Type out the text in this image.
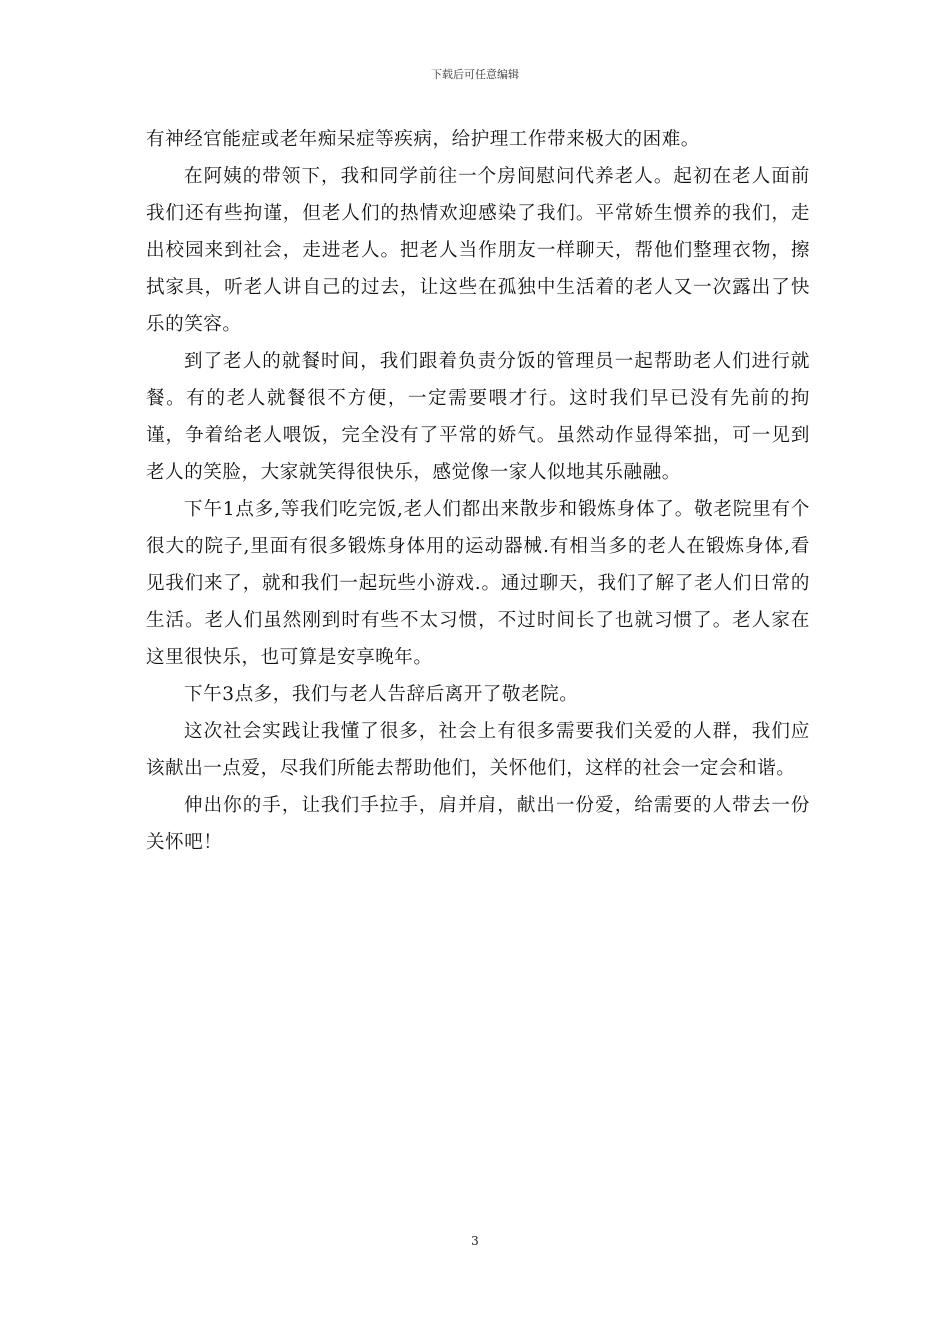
下载后可任意编辑

有神经官能症或老年痴呆症等疾病，给护理工作带来极大的困难。

在阿姨的带领下，我和同学前往一个房间慰问代养老人。起初在老人面前我们还有些拘谨，但老人们的热情欢迎感染了我们。平常娇生惯养的我们，走出校园来到社会，走进老人。把老人当作朋友一样聊天，帮他们整理衣物，擦拭家具，听老人讲自己的过去，让这些在孤独中生活着的老人又一次露出了快乐的笑容。

到了老人的就餐时间，我们跟着负责分饭的管理员一起帮助老人们进行就餐。有的老人就餐很不方便，一定需要喂才行。这时我们早已没有先前的拘谨，争着给老人喂饭，完全没有了平常的娇气。虽然动作显得笨拙，可一见到老人的笑脸，大家就笑得很快乐，感觉像一家人似地其乐融融。

下午1点多,等我们吃完饭,老人们都出来散步和锻炼身体了。敬老院里有个很大的院子,里面有很多锻炼身体用的运动器械.有相当多的老人在锻炼身体,看见我们来了，就和我们一起玩些小游戏.。通过聊天，我们了解了老人们日常的生活。老人们虽然刚到时有些不太习惯，不过时间长了也就习惯了。老人家在这里很快乐，也可算是安享晚年。

下午3点多，我们与老人告辞后离开了敬老院。

这次社会实践让我懂了很多，社会上有很多需要我们关爱的人群，我们应该献出一点爱，尽我们所能去帮助他们，关怀他们，这样的社会一定会和谐。

伸出你的手，让我们手拉手，肩并肩，献出一份爱，给需要的人带去一份关怀吧！

3
